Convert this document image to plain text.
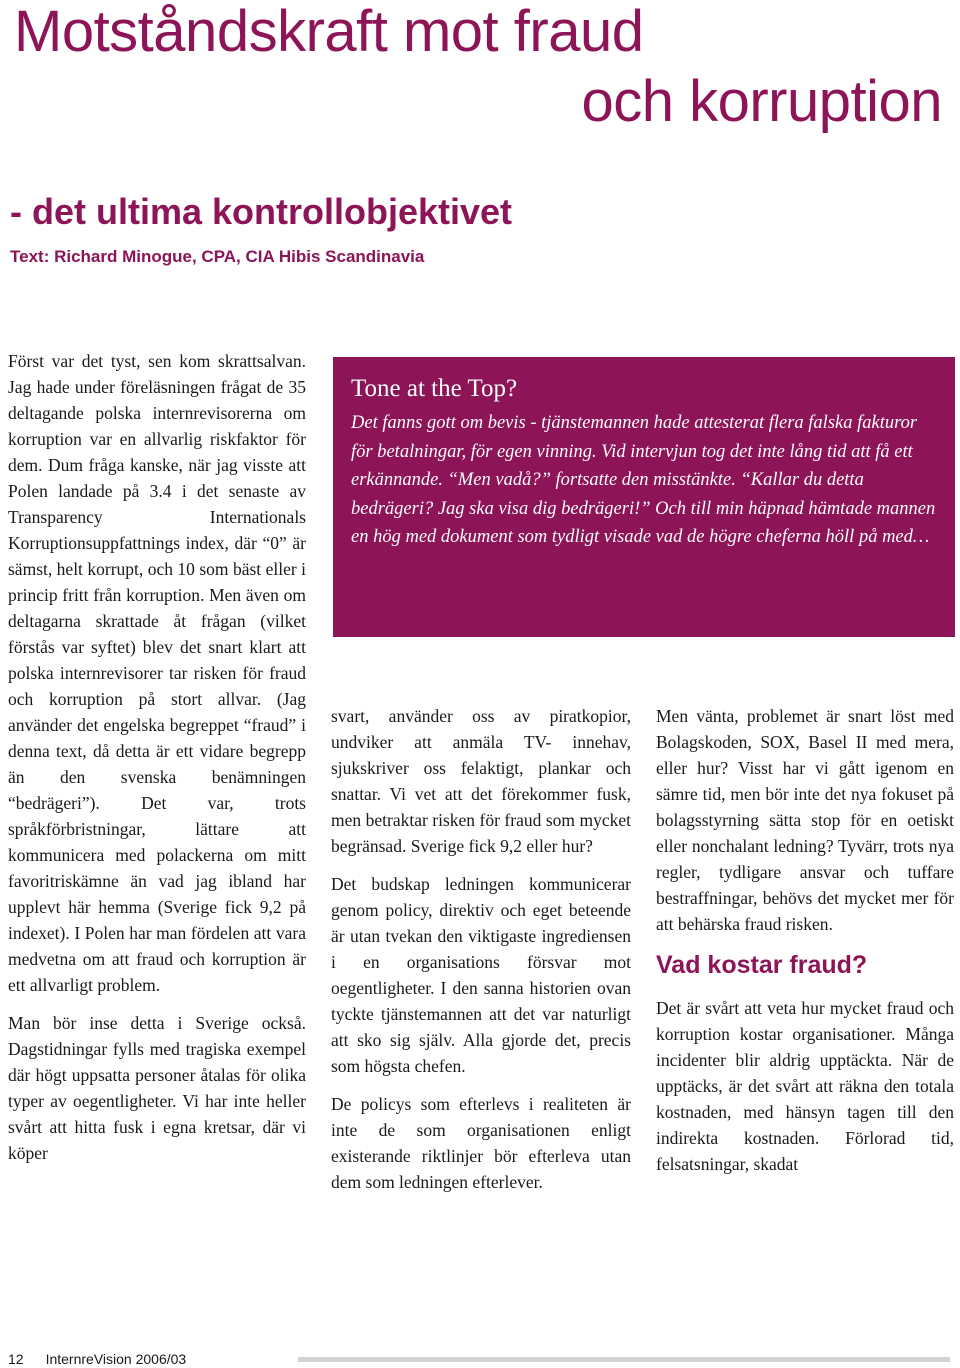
Motståndskraft mot fraud
och korruption
- det ultima kontrollobjektivet
Text: Richard Minogue, CPA, CIA Hibis Scandinavia

Först var det tyst, sen kom skrattsalvan. Jag hade under föreläsningen frågat de 35 deltagande polska internrevisorerna om korruption var en allvarlig riskfaktor för dem. Dum fråga kanske, när jag visste att Polen landade på 3.4 i det senaste av Transparency Internationals Korruptionsuppfattnings index, där “0” är sämst, helt korrupt, och 10 som bäst eller i princip fritt från korruption. Men även om deltagarna skrattade åt frågan (vilket förstås var syftet) blev det snart klart att polska internrevisorer tar risken för fraud och korruption på stort allvar. (Jag använder det engelska begreppet “fraud” i denna text, då detta är ett vidare begrepp än den svenska benämningen “bedrägeri”). Det var, trots språkförbristningar, lättare att kommunicera med polackerna om mitt favoritriskämne än vad jag ibland har upplevt här hemma (Sverige fick 9,2 på indexet). I Polen har man fördelen att vara medvetna om att fraud och korruption är ett allvarligt problem.

Man bör inse detta i Sverige också. Dagstidningar fylls med tragiska exempel där högt uppsatta personer åtalas för olika typer av oegentligheter. Vi har inte heller svårt att hitta fusk i egna kretsar, där vi köper

Tone at the Top?

Det fanns gott om bevis - tjänstemannen hade attesterat flera falska fakturor för betalningar, för egen vinning. Vid intervjun tog det inte lång tid att få ett erkännande. “Men vadå?” fortsatte den misstänkte. “Kallar du detta bedrägeri? Jag ska visa dig bedrägeri!” Och till min häpnad hämtade mannen en hög med dokument som tydligt visade vad de högre cheferna höll på med…

svart, använder oss av piratkopior, undviker att anmäla TV- innehav, sjukskriver oss felaktigt, plankar och snattar. Vi vet att det förekommer fusk, men betraktar risken för fraud som mycket begränsad. Sverige fick 9,2 eller hur?

Det budskap ledningen kommunicerar genom policy, direktiv och eget beteende är utan tvekan den viktigaste ingrediensen i en organisations försvar mot oegentligheter. I den sanna historien ovan tyckte tjänstemannen att det var naturligt att sko sig själv. Alla gjorde det, precis som högsta chefen.

De policys som efterlevs i realiteten är inte de som organisationen enligt existerande riktlinjer bör efterleva utan dem som ledningen efterlever.

Men vänta, problemet är snart löst med Bolagskoden, SOX, Basel II med mera, eller hur? Visst har vi gått igenom en sämre tid, men bör inte det nya fokuset på bolagsstyrning sätta stop för en oetiskt eller nonchalant ledning? Tyvärr, trots nya regler, tydligare ansvar och tuffare bestraffningar, behövs det mycket mer för att behärska fraud risken.

Vad kostar fraud?

Det är svårt att veta hur mycket fraud och korruption kostar organisationer. Många incidenter blir aldrig upptäckta. När de upptäcks, är det svårt att räkna den totala kostnaden, med hänsyn tagen till den indirekta kostnaden. Förlorad tid, felsatsningar, skadat

12 InternreVision 2006/03
